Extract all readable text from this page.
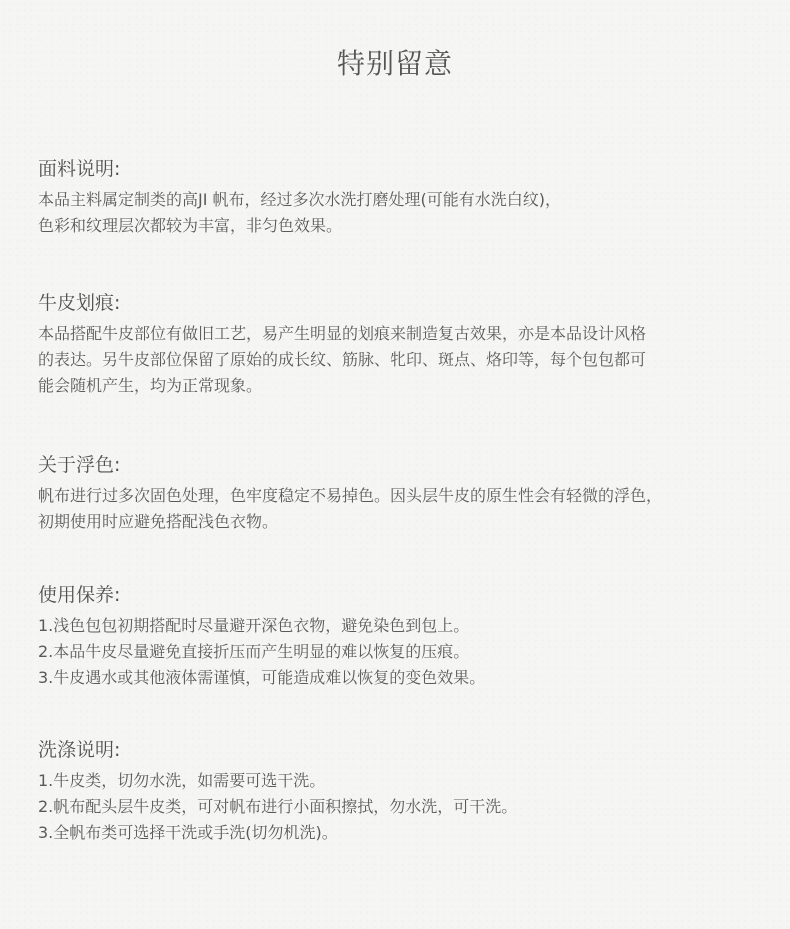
特别留意
面料说明:
本品主料属定制类的高JI 帆布，经过多次水洗打磨处理(可能有水洗白纹)，
色彩和纹理层次都较为丰富，非匀色效果。
牛皮划痕:
本品搭配牛皮部位有做旧工艺，易产生明显的划痕来制造复古效果，亦是本品设计风格
的表达。另牛皮部位保留了原始的成长纹、筋脉、牝印、斑点、烙印等，每个包包都可
能会随机产生，均为正常现象。
关于浮色:
帆布进行过多次固色处理，色牢度稳定不易掉色。因头层牛皮的原生性会有轻微的浮色，
初期使用时应避免搭配浅色衣物。
使用保养:
1.浅色包包初期搭配时尽量避开深色衣物，避免染色到包上。
2.本品牛皮尽量避免直接折压而产生明显的难以恢复的压痕。
3.牛皮遇水或其他液体需谨慎，可能造成难以恢复的变色效果。
洗涤说明:
1.牛皮类，切勿水洗，如需要可选干洗。
2.帆布配头层牛皮类，可对帆布进行小面积擦拭，勿水洗，可干洗。
3.全帆布类可选择干洗或手洗(切勿机洗)。
